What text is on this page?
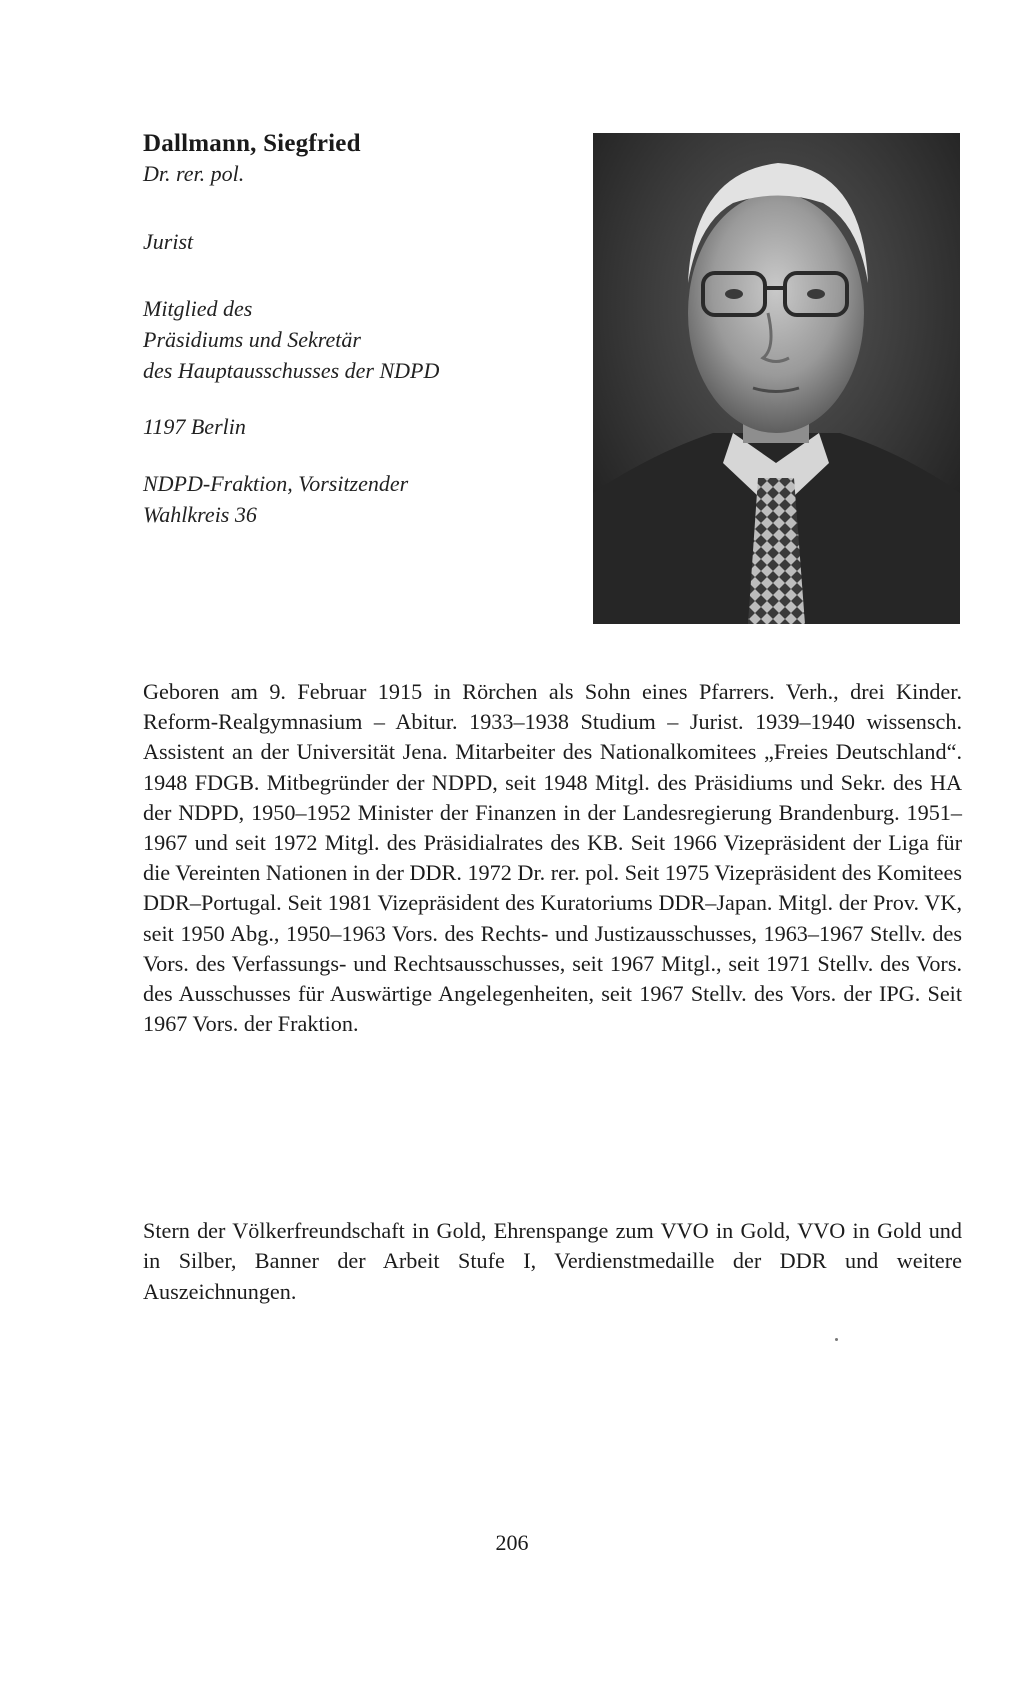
Dallmann, Siegfried
Dr. rer. pol.
Jurist
Mitglied des
Präsidiums und Sekretär
des Hauptausschusses der NDPD
1197 Berlin
NDPD-Fraktion, Vorsitzender
Wahlkreis 36

Geboren am 9. Februar 1915 in Rörchen als Sohn eines Pfarrers. Verh., drei Kinder. Reform-Realgymnasium – Abitur. 1933–1938 Studium – Jurist. 1939–1940 wissensch. Assistent an der Universität Jena. Mitarbeiter des Nationalkomitees „Freies Deutschland“. 1948 FDGB. Mitbegründer der NDPD, seit 1948 Mitgl. des Präsidiums und Sekr. des HA der NDPD, 1950–1952 Minister der Finanzen in der Landesregierung Brandenburg. 1951–1967 und seit 1972 Mitgl. des Präsidialrates des KB. Seit 1966 Vizepräsident der Liga für die Vereinten Nationen in der DDR. 1972 Dr. rer. pol. Seit 1975 Vizepräsident des Komitees DDR–Portugal. Seit 1981 Vizepräsident des Kuratoriums DDR–Japan. Mitgl. der Prov. VK, seit 1950 Abg., 1950–1963 Vors. des Rechts- und Justizausschusses, 1963–1967 Stellv. des Vors. des Verfassungs- und Rechtsausschusses, seit 1967 Mitgl., seit 1971 Stellv. des Vors. des Ausschusses für Auswärtige Angelegenheiten, seit 1967 Stellv. des Vors. der IPG. Seit 1967 Vors. der Fraktion.

Stern der Völkerfreundschaft in Gold, Ehrenspange zum VVO in Gold, VVO in Gold und in Silber, Banner der Arbeit Stufe I, Verdienstmedaille der DDR und weitere Auszeichnungen.

206
